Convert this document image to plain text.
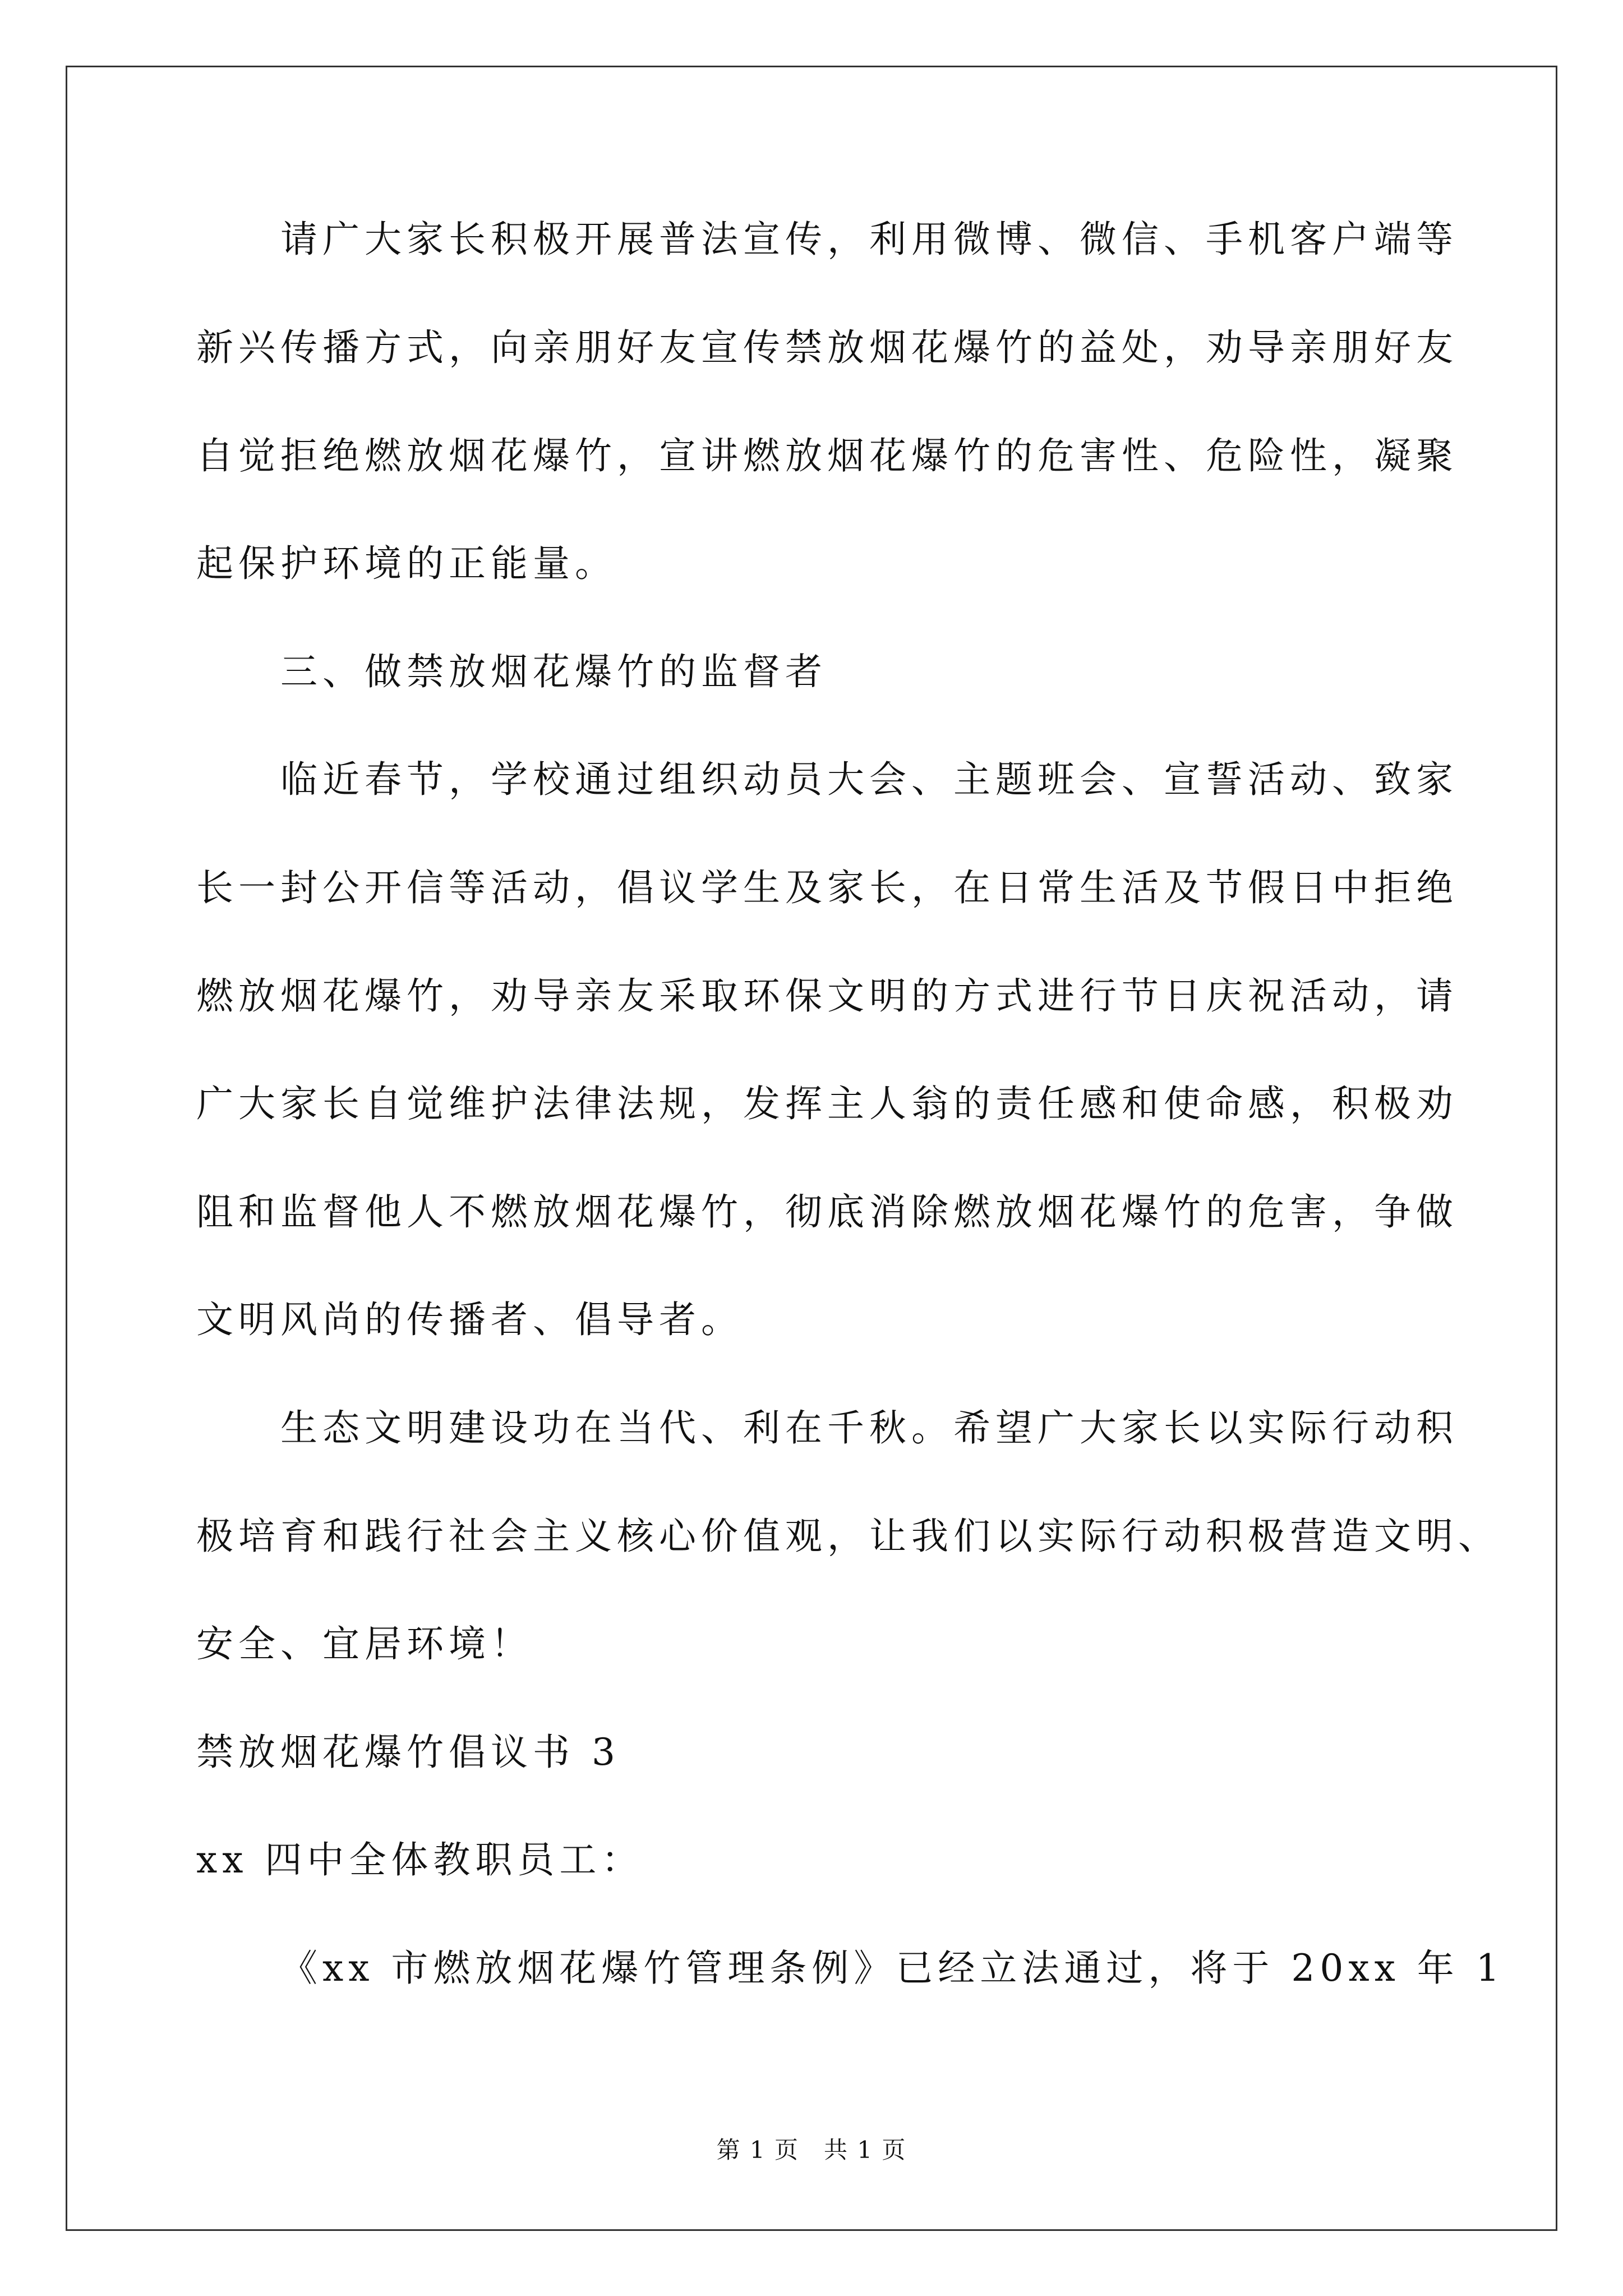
请广大家长积极开展普法宣传，利用微博、微信、手机客户端等
新兴传播方式，向亲朋好友宣传禁放烟花爆竹的益处，劝导亲朋好友
自觉拒绝燃放烟花爆竹，宣讲燃放烟花爆竹的危害性、危险性，凝聚
起保护环境的正能量。
三、做禁放烟花爆竹的监督者
临近春节，学校通过组织动员大会、主题班会、宣誓活动、致家
长一封公开信等活动，倡议学生及家长，在日常生活及节假日中拒绝
燃放烟花爆竹，劝导亲友采取环保文明的方式进行节日庆祝活动，请
广大家长自觉维护法律法规，发挥主人翁的责任感和使命感，积极劝
阻和监督他人不燃放烟花爆竹，彻底消除燃放烟花爆竹的危害，争做
文明风尚的传播者、倡导者。
生态文明建设功在当代、利在千秋。希望广大家长以实际行动积
极培育和践行社会主义核心价值观，让我们以实际行动积极营造文明、
安全、宜居环境！
禁放烟花爆竹倡议书 3
xx 四中全体教职员工：
《xx 市燃放烟花爆竹管理条例》已经立法通过，将于 20xx 年 1
第 1 页　共 1 页
